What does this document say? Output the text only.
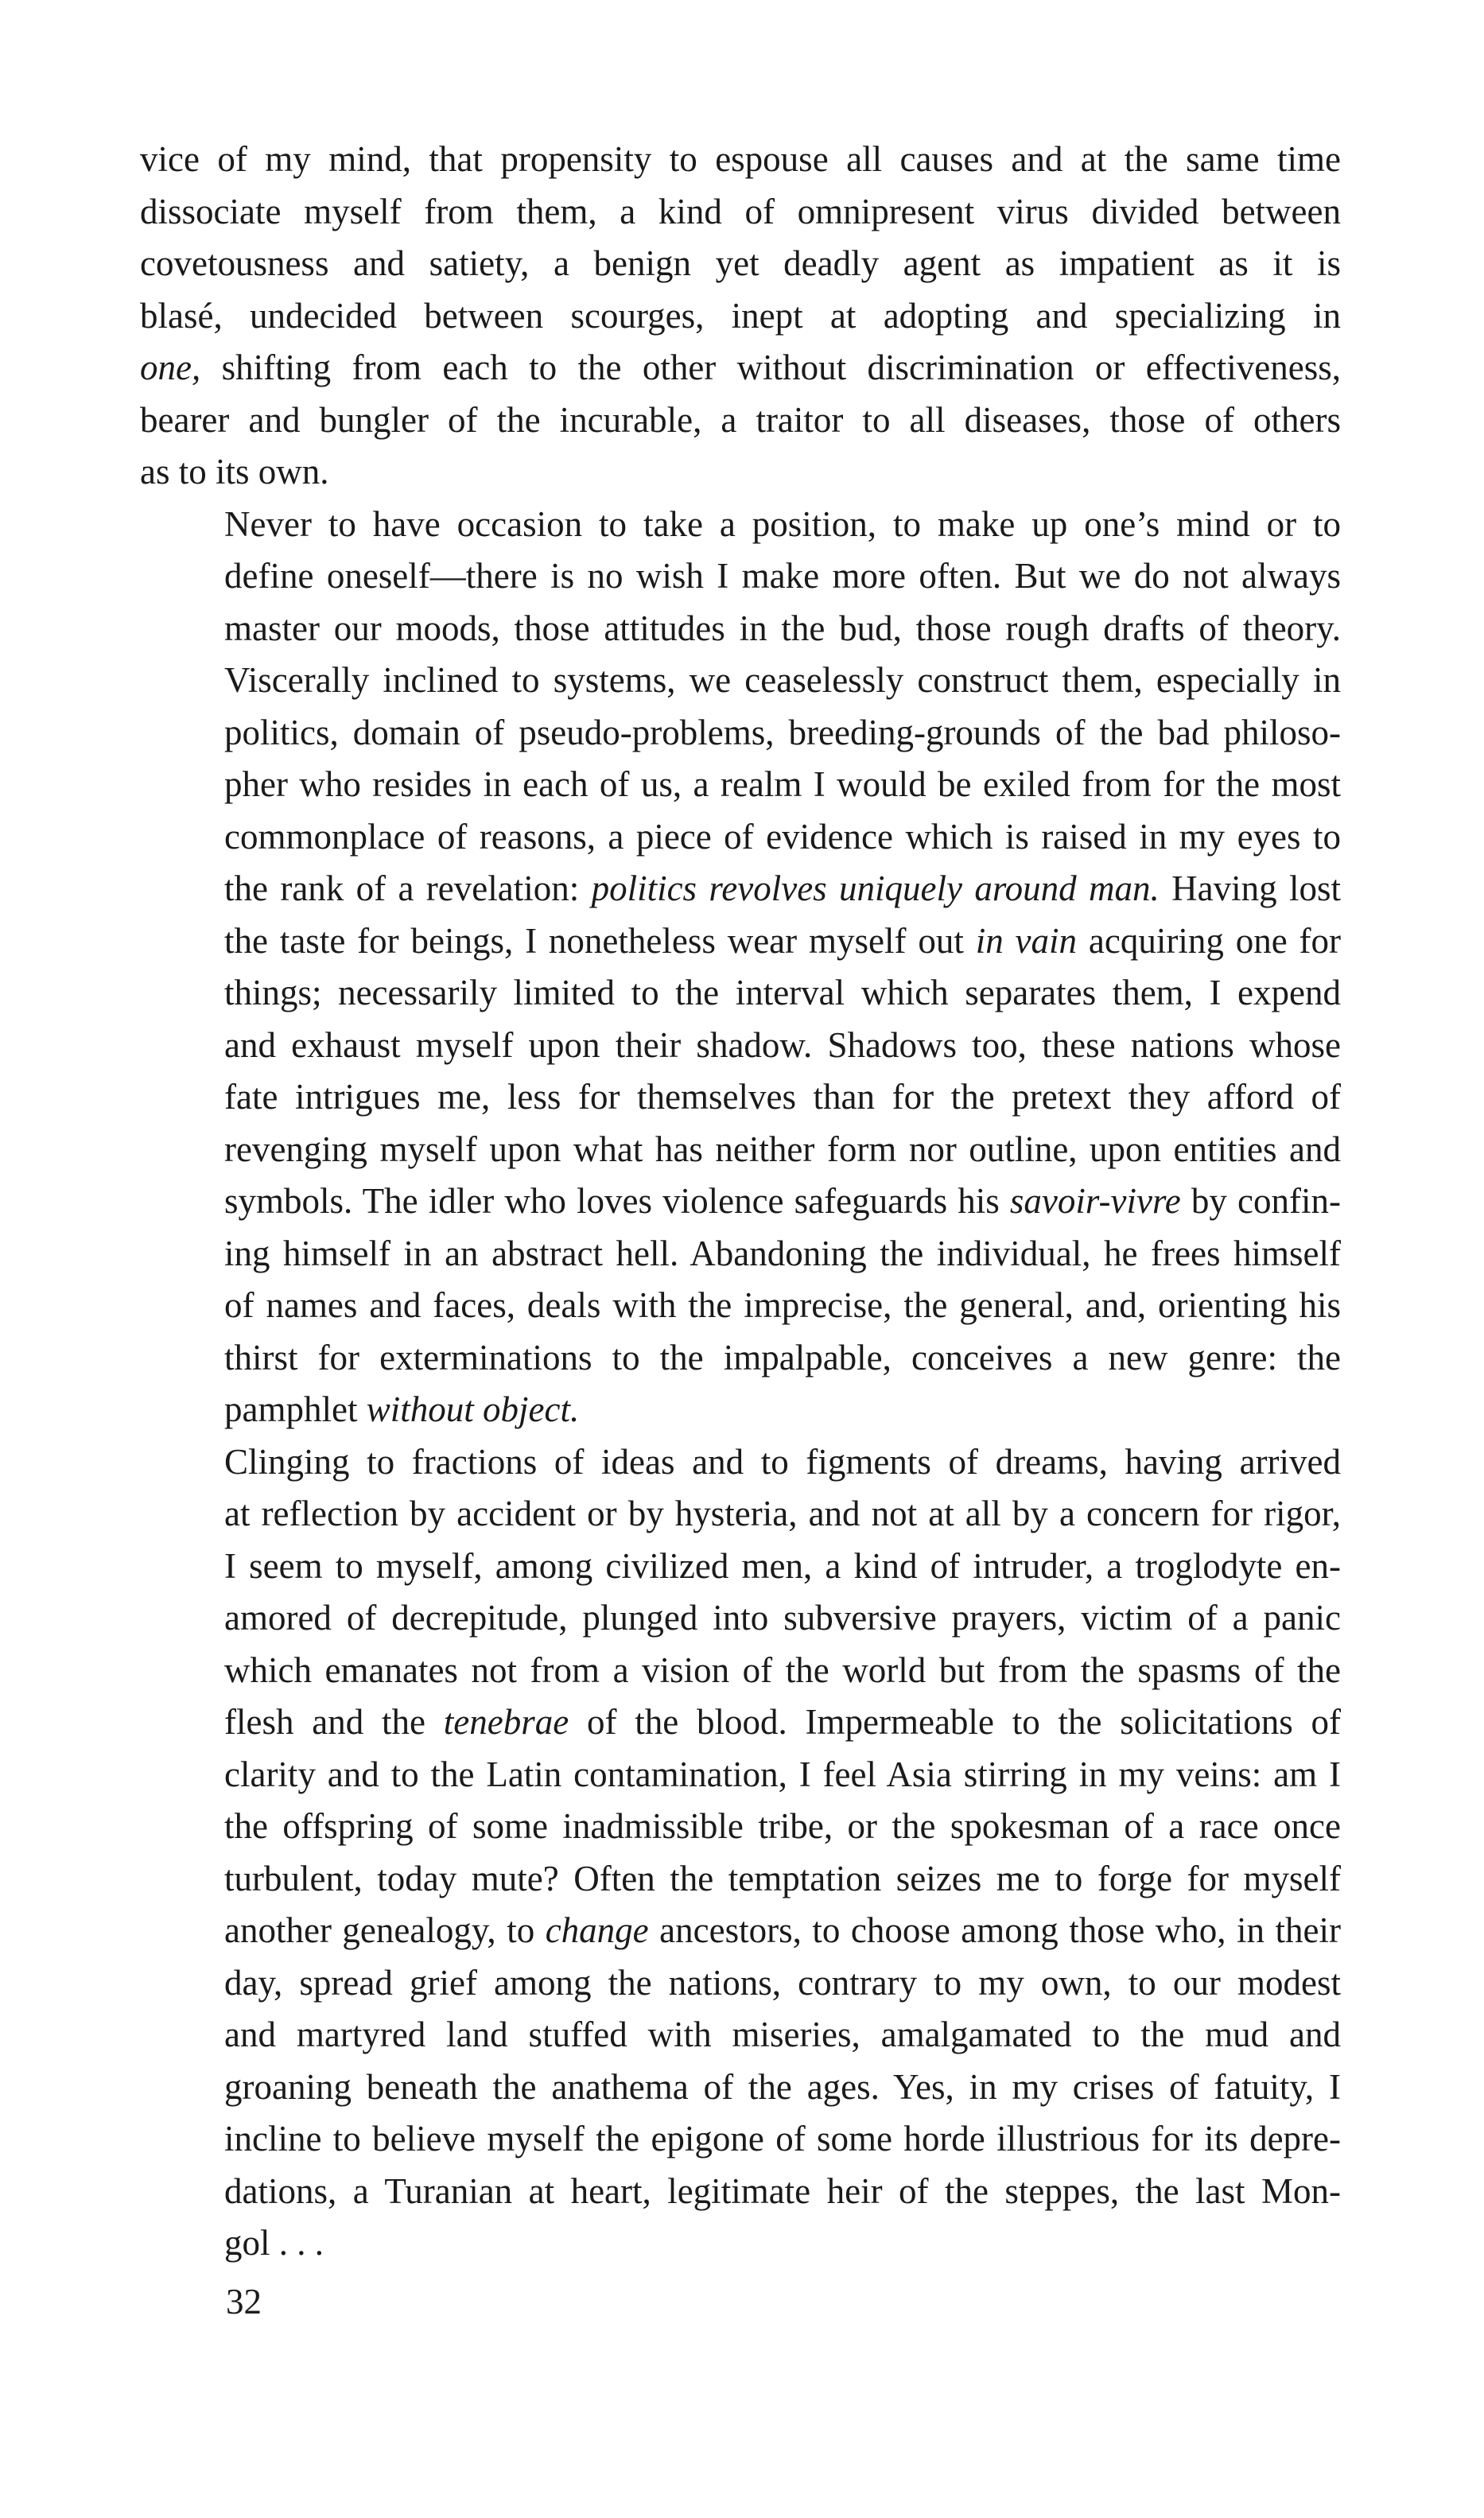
vice of my mind, that propensity to espouse all causes and at the same time
dissociate myself from them, a kind of omnipresent virus divided between
covetousness and satiety, a benign yet deadly agent as impatient as it is
blasé, undecided between scourges, inept at adopting and specializing in
one, shifting from each to the other without discrimination or effectiveness,
bearer and bungler of the incurable, a traitor to all diseases, those of others
as to its own.

Never to have occasion to take a position, to make up one’s mind or to
define oneself—there is no wish I make more often. But we do not always
master our moods, those attitudes in the bud, those rough drafts of theory.
Viscerally inclined to systems, we ceaselessly construct them, especially in
politics, domain of pseudo-problems, breeding-grounds of the bad philoso-
pher who resides in each of us, a realm I would be exiled from for the most
commonplace of reasons, a piece of evidence which is raised in my eyes to
the rank of a revelation: politics revolves uniquely around man. Having lost
the taste for beings, I nonetheless wear myself out in vain acquiring one for
things; necessarily limited to the interval which separates them, I expend
and exhaust myself upon their shadow. Shadows too, these nations whose
fate intrigues me, less for themselves than for the pretext they afford of
revenging myself upon what has neither form nor outline, upon entities and
symbols. The idler who loves violence safeguards his savoir-vivre by confin-
ing himself in an abstract hell. Abandoning the individual, he frees himself
of names and faces, deals with the imprecise, the general, and, orienting his
thirst for exterminations to the impalpable, conceives a new genre: the
pamphlet without object.

Clinging to fractions of ideas and to figments of dreams, having arrived
at reflection by accident or by hysteria, and not at all by a concern for rigor,
I seem to myself, among civilized men, a kind of intruder, a troglodyte en-
amored of decrepitude, plunged into subversive prayers, victim of a panic
which emanates not from a vision of the world but from the spasms of the
flesh and the tenebrae of the blood. Impermeable to the solicitations of
clarity and to the Latin contamination, I feel Asia stirring in my veins: am I
the offspring of some inadmissible tribe, or the spokesman of a race once
turbulent, today mute? Often the temptation seizes me to forge for myself
another genealogy, to change ancestors, to choose among those who, in their
day, spread grief among the nations, contrary to my own, to our modest
and martyred land stuffed with miseries, amalgamated to the mud and
groaning beneath the anathema of the ages. Yes, in my crises of fatuity, I
incline to believe myself the epigone of some horde illustrious for its depre-
dations, a Turanian at heart, legitimate heir of the steppes, the last Mon-
gol . . .

32
